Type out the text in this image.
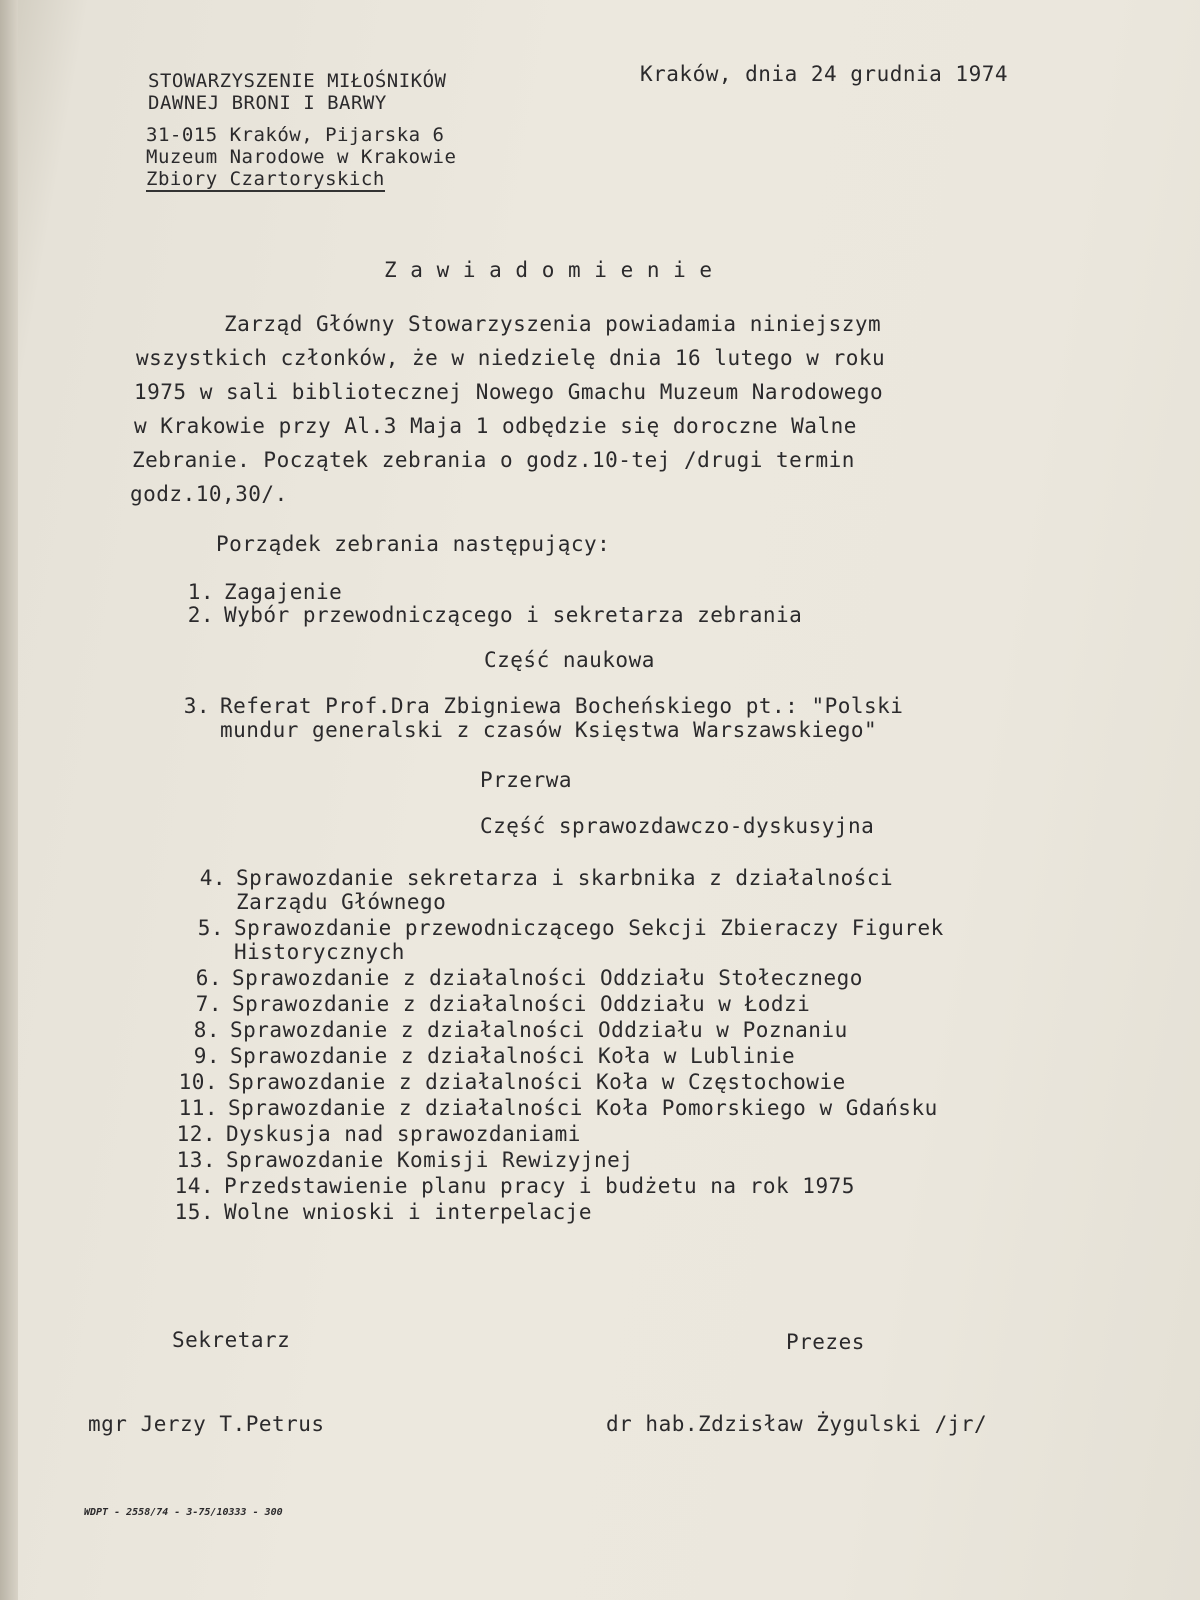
STOWARZYSZENIE MIŁOŚNIKÓW
DAWNEJ BRONI I BARWY
31-015 Kraków, Pijarska 6
Muzeum Narodowe w Krakowie
Zbiory Czartoryskich
Kraków, dnia 24 grudnia 1974
Z a w i a d o m i e n i e
Zarząd Główny Stowarzyszenia powiadamia niniejszym
wszystkich członków, że w niedzielę dnia 16 lutego w roku
1975 w sali bibliotecznej Nowego Gmachu Muzeum Narodowego
w Krakowie przy Al.3 Maja 1 odbędzie się doroczne Walne
Zebranie. Początek zebrania o godz.10-tej /drugi termin
godz.10,30/.
Porządek zebrania następujący:
1. Zagajenie
2. Wybór przewodniczącego i sekretarza zebrania
Część naukowa
3. Referat Prof.Dra Zbigniewa Bocheńskiego pt.: "Polski
mundur generalski z czasów Księstwa Warszawskiego"
Przerwa
Część sprawozdawczo-dyskusyjna
4. Sprawozdanie sekretarza i skarbnika z działalności
Zarządu Głównego
5. Sprawozdanie przewodniczącego Sekcji Zbieraczy Figurek
Historycznych
6. Sprawozdanie z działalności Oddziału Stołecznego
7. Sprawozdanie z działalności Oddziału w Łodzi
8. Sprawozdanie z działalności Oddziału w Poznaniu
9. Sprawozdanie z działalności Koła w Lublinie
10. Sprawozdanie z działalności Koła w Częstochowie
11. Sprawozdanie z działalności Koła Pomorskiego w Gdańsku
12. Dyskusja nad sprawozdaniami
13. Sprawozdanie Komisji Rewizyjnej
14. Przedstawienie planu pracy i budżetu na rok 1975
15. Wolne wnioski i interpelacje
Sekretarz	Prezes
mgr Jerzy T.Petrus	dr hab.Zdzisław Żygulski /jr/
WDPT - 2558/74 - 3-75/10333 - 300
